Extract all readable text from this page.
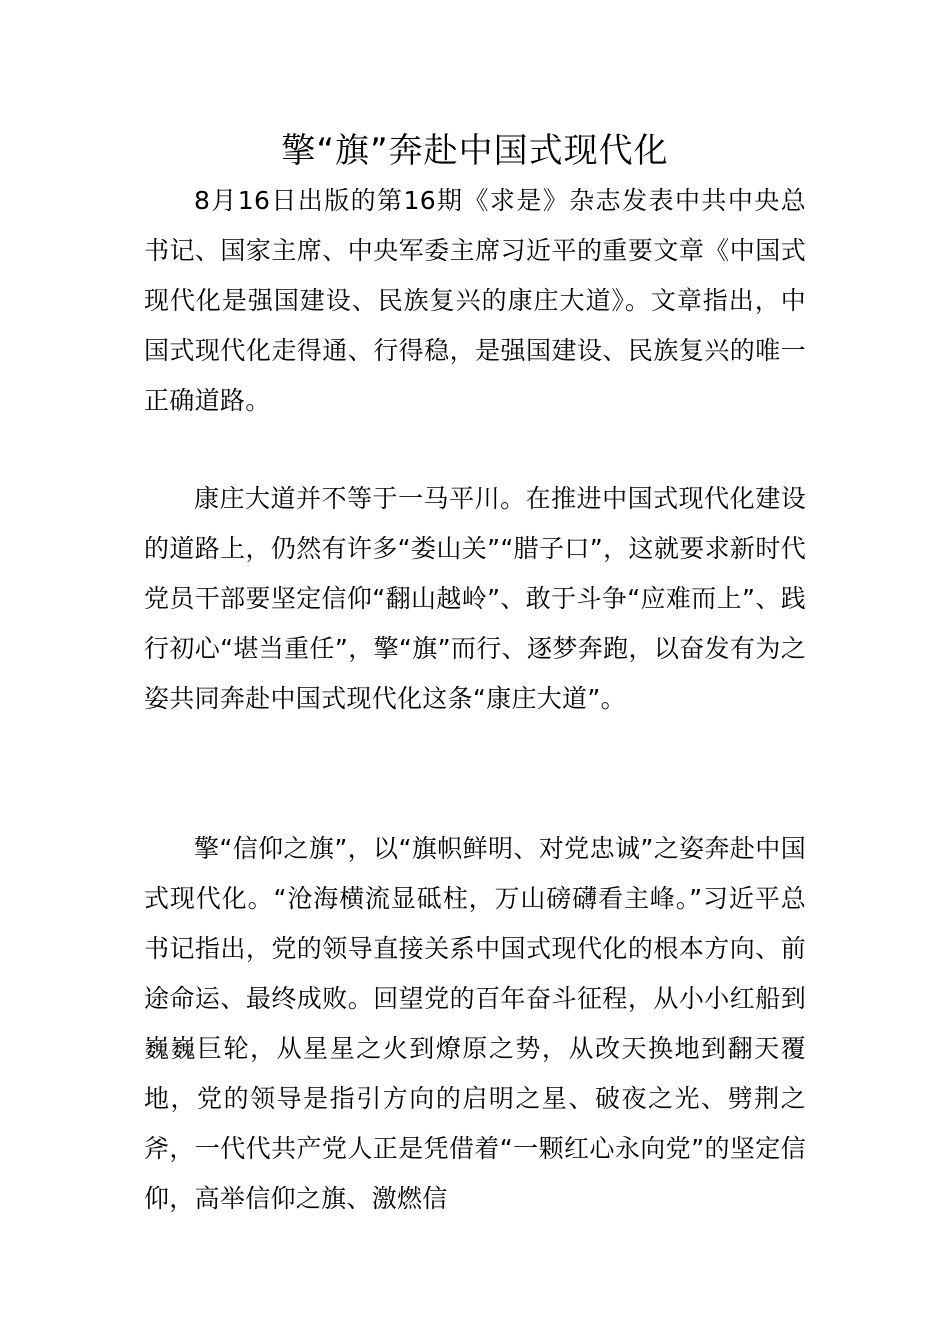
擎“旗”奔赴中国式现代化

8月16日出版的第16期《求是》杂志发表中共中央总书记、国家主席、中央军委主席习近平的重要文章《中国式现代化是强国建设、民族复兴的康庄大道》。文章指出，中国式现代化走得通、行得稳，是强国建设、民族复兴的唯一正确道路。

康庄大道并不等于一马平川。在推进中国式现代化建设的道路上，仍然有许多“娄山关”“腊子口”，这就要求新时代党员干部要坚定信仰“翻山越岭”、敢于斗争“应难而上”、践行初心“堪当重任”，擎“旗”而行、逐梦奔跑，以奋发有为之姿共同奔赴中国式现代化这条“康庄大道”。

擎“信仰之旗”，以“旗帜鲜明、对党忠诚”之姿奔赴中国式现代化。“沧海横流显砥柱，万山磅礴看主峰。”习近平总书记指出，党的领导直接关系中国式现代化的根本方向、前途命运、最终成败。回望党的百年奋斗征程，从小小红船到巍巍巨轮，从星星之火到燎原之势，从改天换地到翻天覆地，党的领导是指引方向的启明之星、破夜之光、劈荆之斧，一代代共产党人正是凭借着“一颗红心永向党”的坚定信仰，高举信仰之旗、激燃信
